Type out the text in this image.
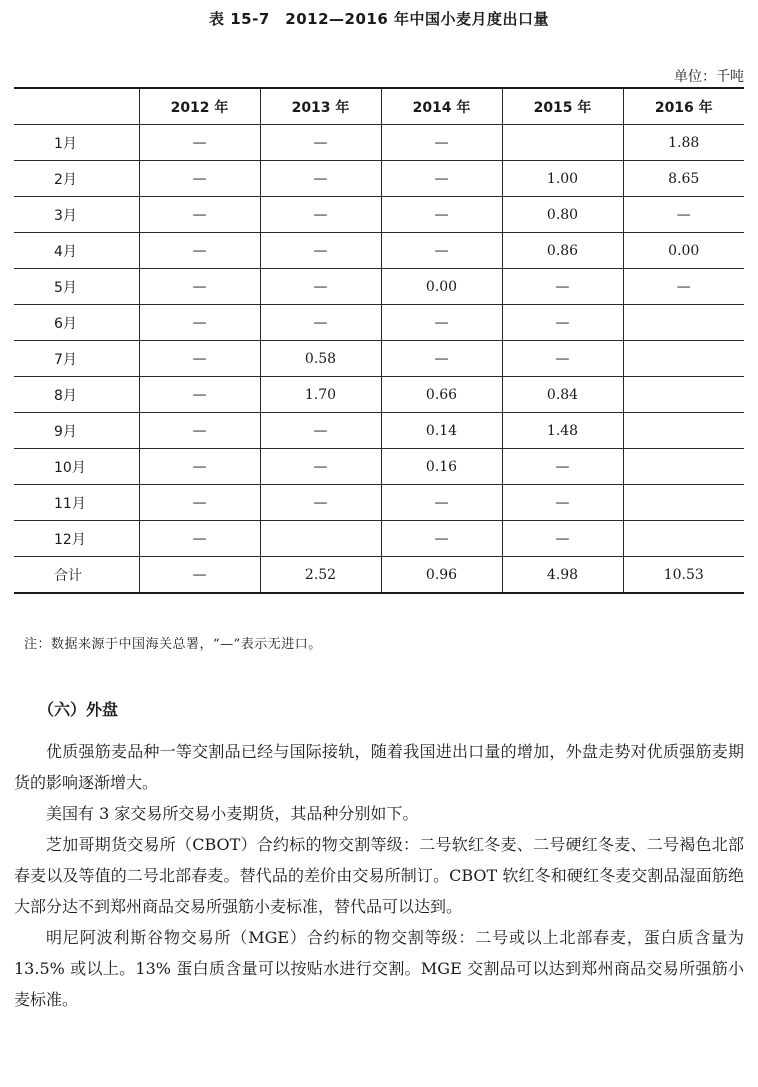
表 15-7　2012—2016 年中国小麦月度出口量
单位：千吨
	2012 年	2013 年	2014 年	2015 年	2016 年
1月	—	—	—		1.88
2月	—	—	—	1.00	8.65
3月	—	—	—	0.80	—
4月	—	—	—	0.86	0.00
5月	—	—	0.00	—	—
6月	—	—	—	—	
7月	—	0.58	—	—	
8月	—	1.70	0.66	0.84	
9月	—	—	0.14	1.48	
10月	—	—	0.16	—	
11月	—	—	—	—	
12月	—		—	—	
合计	—	2.52	0.96	4.98	10.53
注：数据来源于中国海关总署，“—”表示无进口。
（六）外盘

优质强筋麦品种一等交割品已经与国际接轨，随着我国进出口量的增加，外盘走势对优质强筋麦期货的影响逐渐增大。

美国有 3 家交易所交易小麦期货，其品种分别如下。

芝加哥期货交易所（CBOT）合约标的物交割等级：二号软红冬麦、二号硬红冬麦、二号褐色北部春麦以及等值的二号北部春麦。替代品的差价由交易所制订。CBOT 软红冬和硬红冬麦交割品湿面筋绝大部分达不到郑州商品交易所强筋小麦标准，替代品可以达到。

明尼阿波利斯谷物交易所（MGE）合约标的物交割等级：二号或以上北部春麦，蛋白质含量为 13.5% 或以上。13% 蛋白质含量可以按贴水进行交割。MGE 交割品可以达到郑州商品交易所强筋小麦标准。
